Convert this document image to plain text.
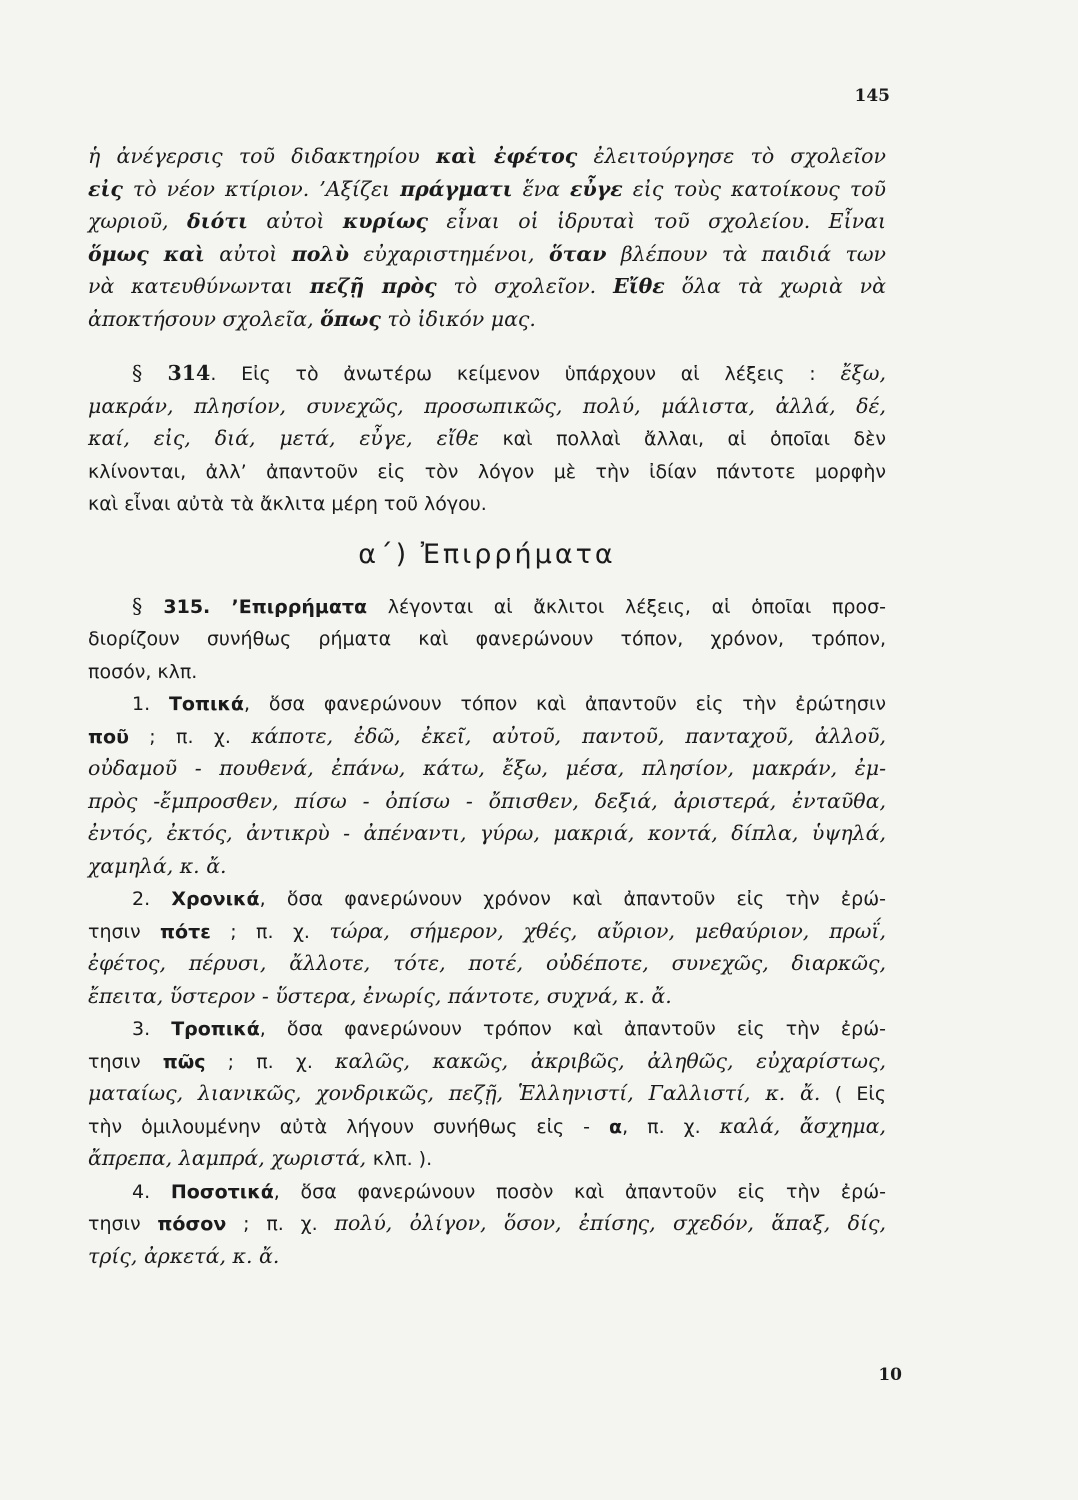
145
ἡ ἀνέγερσις τοῦ διδακτηρίου καὶ ἐφέτος ἐλειτούργησε τὸ σχολεῖον
εἰς τὸ νέον κτίριον. ’Αξίζει πράγματι ἕνα εὖγε εἰς τοὺς κατοίκους τοῦ
χωριοῦ, διότι αὐτοὶ κυρίως εἶναι οἱ ἱδρυταὶ τοῦ σχολείου. Εἶναι
ὅμως καὶ αὐτοὶ πολὺ εὐχαριστημένοι, ὅταν βλέπουν τὰ παιδιά των
νὰ κατευθύνωνται πεζῇ πρὸς τὸ σχολεῖον. Εἴθε ὅλα τὰ χωριὰ νὰ
ἀποκτήσουν σχολεῖα, ὅπως τὸ ἰδικόν μας.
§ 314. Εἰς τὸ ἀνωτέρω κείμενον ὑπάρχουν αἱ λέξεις : ἔξω,
μακράν, πλησίον, συνεχῶς, προσωπικῶς, πολύ, μάλιστα, ἀλλά, δέ,
καί, εἰς, διά, μετά, εὖγε, εἴθε καὶ πολλαὶ ἄλλαι, αἱ ὁποῖαι δὲν
κλίνονται, ἀλλ’ ἀπαντοῦν εἰς τὸν λόγον μὲ τὴν ἰδίαν πάντοτε μορφὴν
καὶ εἶναι αὐτὰ τὰ ἄκλιτα μέρη τοῦ λόγου.
α΄) Ἐπιρρήματα
§ 315. ’Επιρρήματα λέγονται αἱ ἄκλιτοι λέξεις, αἱ ὁποῖαι προσ-
διορίζουν συνήθως ρήματα καὶ φανερώνουν τόπον, χρόνον, τρόπον,
ποσόν, κλπ.
1. Τοπικά, ὅσα φανερώνουν τόπον καὶ ἀπαντοῦν εἰς τὴν ἐρώτησιν
ποῦ ; π. χ. κάποτε, ἐδῶ, ἐκεῖ, αὐτοῦ, παντοῦ, πανταχοῦ, ἀλλοῦ,
οὐδαμοῦ - πουθενά, ἐπάνω, κάτω, ἔξω, μέσα, πλησίον, μακράν, ἐμ-
πρὸς -ἔμπροσθεν, πίσω - ὀπίσω - ὄπισθεν, δεξιά, ἀριστερά, ἐνταῦθα,
ἐντός, ἐκτός, ἀντικρὺ - ἀπέναντι, γύρω, μακριά, κοντά, δίπλα, ὑψηλά,
χαμηλά, κ. ἄ.
2. Χρονικά, ὅσα φανερώνουν χρόνον καὶ ἀπαντοῦν εἰς τὴν ἐρώ-
τησιν πότε ; π. χ. τώρα, σήμερον, χθές, αὔριον, μεθαύριον, πρωΐ,
ἐφέτος, πέρυσι, ἄλλοτε, τότε, ποτέ, οὐδέποτε, συνεχῶς, διαρκῶς,
ἔπειτα, ὕστερον - ὕστερα, ἐνωρίς, πάντοτε, συχνά, κ. ἄ.
3. Τροπικά, ὅσα φανερώνουν τρόπον καὶ ἀπαντοῦν εἰς τὴν ἐρώ-
τησιν πῶς ; π. χ. καλῶς, κακῶς, ἀκριβῶς, ἀληθῶς, εὐχαρίστως,
ματαίως, λιανικῶς, χονδρικῶς, πεζῇ, Ἑλληνιστί, Γαλλιστί, κ. ἄ. ( Εἰς
τὴν ὁμιλουμένην αὐτὰ λήγουν συνήθως εἰς - α, π. χ. καλά, ἄσχημα,
ἄπρεπα, λαμπρά, χωριστά, κλπ. ).
4. Ποσοτικά, ὅσα φανερώνουν ποσὸν καὶ ἀπαντοῦν εἰς τὴν ἐρώ-
τησιν πόσον ; π. χ. πολύ, ὀλίγον, ὅσον, ἐπίσης, σχεδόν, ἅπαξ, δίς,
τρίς, ἀρκετά, κ. ἄ.
10
